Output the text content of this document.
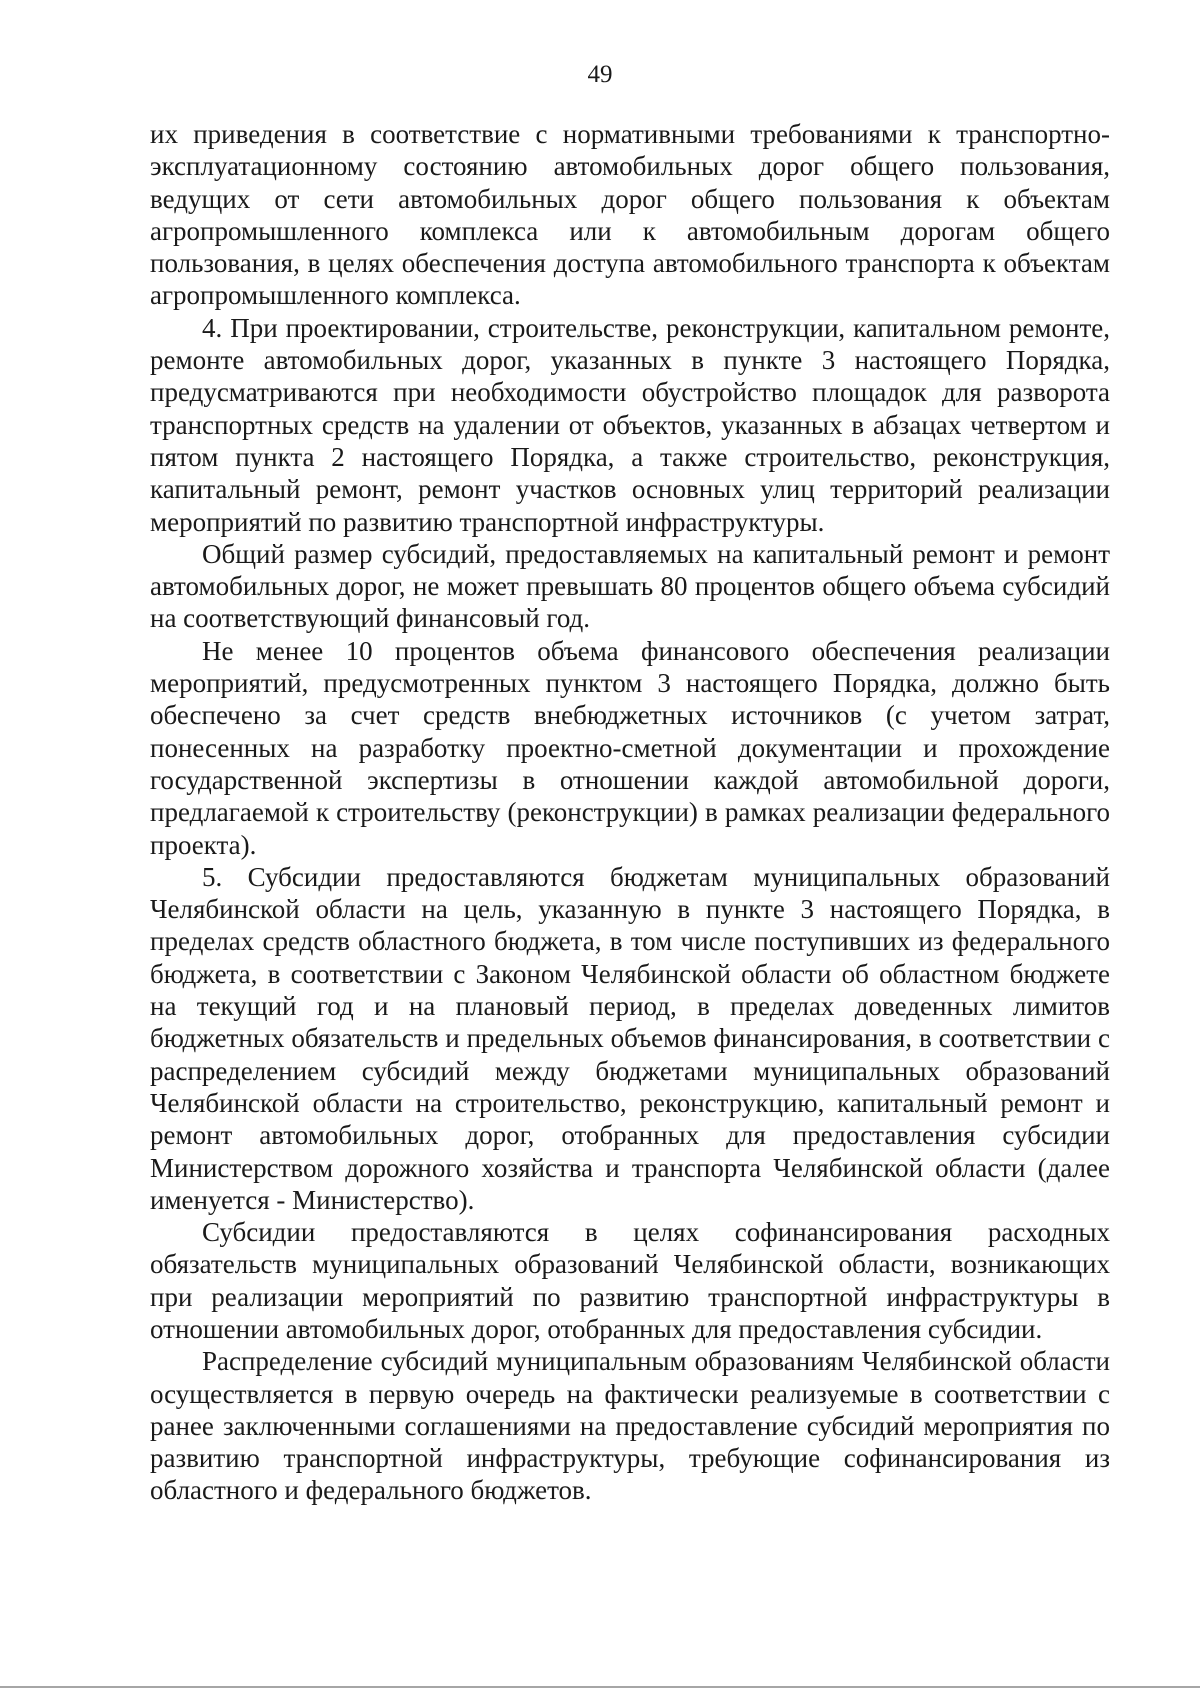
49

их приведения в соответствие с нормативными требованиями к транспортно-эксплуатационному состоянию автомобильных дорог общего пользования, ведущих от сети автомобильных дорог общего пользования к объектам агропромышленного комплекса или к автомобильным дорогам общего пользования, в целях обеспечения доступа автомобильного транспорта к объектам агропромышленного комплекса.

4. При проектировании, строительстве, реконструкции, капитальном ремонте, ремонте автомобильных дорог, указанных в пункте 3 настоящего Порядка, предусматриваются при необходимости обустройство площадок для разворота транспортных средств на удалении от объектов, указанных в абзацах четвертом и пятом пункта 2 настоящего Порядка, а также строительство, реконструкция, капитальный ремонт, ремонт участков основных улиц территорий реализации мероприятий по развитию транспортной инфраструктуры.

Общий размер субсидий, предоставляемых на капитальный ремонт и ремонт автомобильных дорог, не может превышать 80 процентов общего объема субсидий на соответствующий финансовый год.

Не менее 10 процентов объема финансового обеспечения реализации мероприятий, предусмотренных пунктом 3 настоящего Порядка, должно быть обеспечено за счет средств внебюджетных источников (с учетом затрат, понесенных на разработку проектно-сметной документации и прохождение государственной экспертизы в отношении каждой автомобильной дороги, предлагаемой к строительству (реконструкции) в рамках реализации федерального проекта).

5. Субсидии предоставляются бюджетам муниципальных образований Челябинской области на цель, указанную в пункте 3 настоящего Порядка, в пределах средств областного бюджета, в том числе поступивших из федерального бюджета, в соответствии с Законом Челябинской области об областном бюджете на текущий год и на плановый период, в пределах доведенных лимитов бюджетных обязательств и предельных объемов финансирования, в соответствии с распределением субсидий между бюджетами муниципальных образований Челябинской области на строительство, реконструкцию, капитальный ремонт и ремонт автомобильных дорог, отобранных для предоставления субсидии Министерством дорожного хозяйства и транспорта Челябинской области (далее именуется - Министерство).

Субсидии предоставляются в целях софинансирования расходных обязательств муниципальных образований Челябинской области, возникающих при реализации мероприятий по развитию транспортной инфраструктуры в отношении автомобильных дорог, отобранных для предоставления субсидии.

Распределение субсидий муниципальным образованиям Челябинской области осуществляется в первую очередь на фактически реализуемые в соответствии с ранее заключенными соглашениями на предоставление субсидий мероприятия по развитию транспортной инфраструктуры, требующие софинансирования из областного и федерального бюджетов.
